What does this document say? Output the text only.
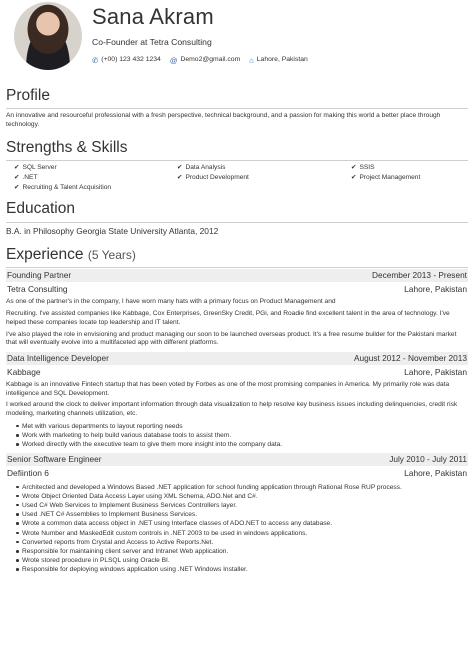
Sana Akram
Co-Founder at Tetra Consulting
✆ (+00) 123 432 1234 @ Demo2@gmail.com ⌂ Lahore, Pakistan
Profile

An innovative and resourceful professional with a fresh perspective, technical background, and a passion for making this world a better place through technology.

Strengths & Skills
✔ SQL Server	✔ Data Analysis	✔ SSIS
✔ .NET	✔ Product Development	✔ Project Management
✔ Recruiting & Talent Acquisition
Education
B.A. in Philosophy Georgia State University Atlanta, 2012
Experience (5 Years)
Founding Partner	December 2013 - Present
Tetra Consulting	Lahore, Pakistan

As one of the partner's in the company, I have worn many hats with a primary focus on Product Management and

Recruiting. I've assisted companies like Kabbage, Cox Enterprises, GreenSky Credit, PGi, and Roadie find excellent talent in the area of technology. I've helped these companies locate top leadership and IT talent.

I've also played the role in envisioning and product managing our soon to be launched overseas product. It's a free resume builder for the Pakistani market that will eventually evolve into a multifaceted app with different platforms.

Data Intelligence Developer	August 2012 - November 2013
Kabbage	Lahore, Pakistan

Kabbage is an innovative Fintech startup that has been voted by Forbes as one of the most promising companies in America. My primarily role was data intelligence and SQL Development.

I worked around the clock to deliver important information through data visualization to help resolve key business issues including delinquencies, credit risk modeling, marketing channels utilization, etc.

Met with various departments to layout reporting needs
Work with marketing to help build various database tools to assist them.
Worked directly with the executive team to give them more insight into the company data.
Senior Software Engineer	July 2010 - July 2011
Defiintion 6	Lahore, Pakistan
Architected and developed a Windows Based .NET application for school funding application through Rational Rose RUP process.
Wrote Object Oriented Data Access Layer using XML Schema, ADO.Net and C#.
Used C# Web Services to Implement Business Services Controllers layer.
Used .NET C# Assemblies to Implement Business Services.
Wrote a common data access object in .NET using Interface classes of ADO.NET to access any database.
Wrote Number and MaskedEdit custom controls in .NET 2003 to be used in windows applications.
Converted reports from Crystal and Access to Active Reports.Net.
Responsible for maintaining client server and Intranet Web application.
Wrote stored procedure in PLSQL using Oracle BI.
Responsible for deploying windows application using .NET Windows Installer.
